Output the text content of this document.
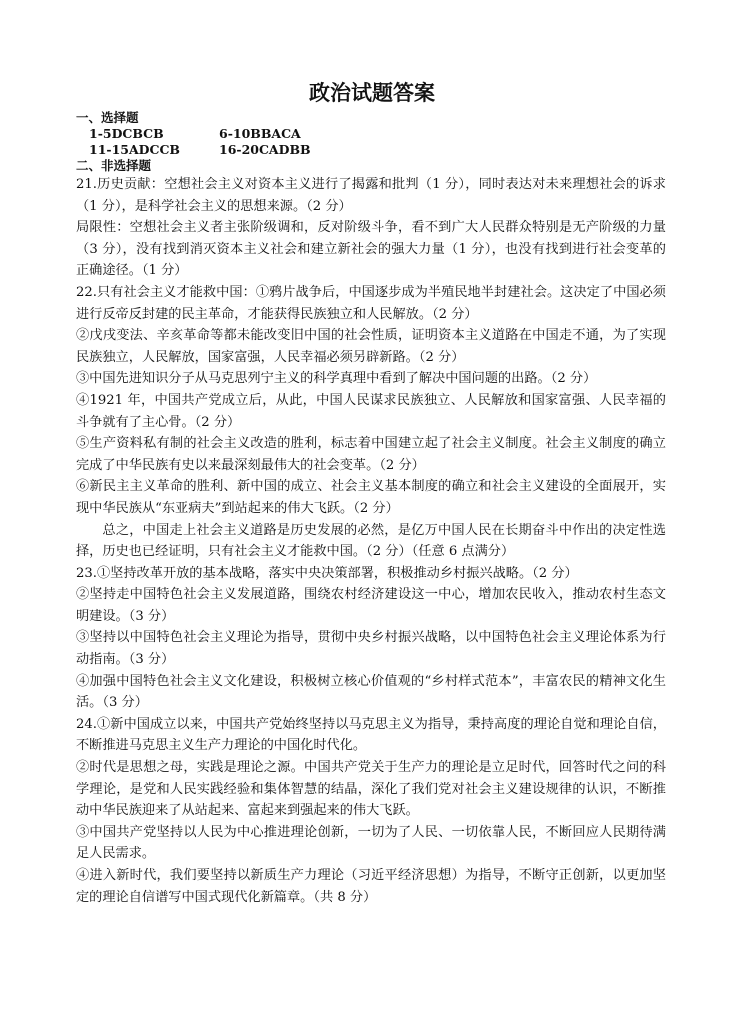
政治试题答案
一、选择题
1-5DCBCB	6-10BBACA
11-15ADCCB	16-20CADBB
二、非选择题

21.历史贡献：空想社会主义对资本主义进行了揭露和批判（1 分），同时表达对未来理想社会的诉求（1 分），是科学社会主义的思想来源。（2 分）

局限性：空想社会主义者主张阶级调和，反对阶级斗争，看不到广大人民群众特别是无产阶级的力量（3 分），没有找到消灭资本主义社会和建立新社会的强大力量（1 分），也没有找到进行社会变革的正确途径。（1 分）

22.只有社会主义才能救中国：①鸦片战争后，中国逐步成为半殖民地半封建社会。这决定了中国必须进行反帝反封建的民主革命，才能获得民族独立和人民解放。（2 分）

②戊戌变法、辛亥革命等都未能改变旧中国的社会性质，证明资本主义道路在中国走不通，为了实现民族独立，人民解放，国家富强，人民幸福必须另辟新路。（2 分）

③中国先进知识分子从马克思列宁主义的科学真理中看到了解决中国问题的出路。（2 分）

④1921 年，中国共产党成立后，从此，中国人民谋求民族独立、人民解放和国家富强、人民幸福的斗争就有了主心骨。（2 分）

⑤生产资料私有制的社会主义改造的胜利，标志着中国建立起了社会主义制度。社会主义制度的确立完成了中华民族有史以来最深刻最伟大的社会变革。（2 分）

⑥新民主主义革命的胜利、新中国的成立、社会主义基本制度的确立和社会主义建设的全面展开，实现中华民族从“东亚病夫”到站起来的伟大飞跃。（2 分）

总之，中国走上社会主义道路是历史发展的必然，是亿万中国人民在长期奋斗中作出的决定性选择，历史也已经证明，只有社会主义才能救中国。（2 分）（任意 6 点满分）

23.①坚持改革开放的基本战略，落实中央决策部署，积极推动乡村振兴战略。（2 分）

②坚持走中国特色社会主义发展道路，围绕农村经济建设这一中心，增加农民收入，推动农村生态文明建设。（3 分）

③坚持以中国特色社会主义理论为指导，贯彻中央乡村振兴战略，以中国特色社会主义理论体系为行动指南。（3 分）

④加强中国特色社会主义文化建设，积极树立核心价值观的“乡村样式范本”，丰富农民的精神文化生活。（3 分）

24.①新中国成立以来，中国共产党始终坚持以马克思主义为指导，秉持高度的理论自觉和理论自信，不断推进马克思主义生产力理论的中国化时代化。

②时代是思想之母，实践是理论之源。中国共产党关于生产力的理论是立足时代，回答时代之问的科学理论，是党和人民实践经验和集体智慧的结晶，深化了我们党对社会主义建设规律的认识，不断推动中华民族迎来了从站起来、富起来到强起来的伟大飞跃。

③中国共产党坚持以人民为中心推进理论创新，一切为了人民、一切依靠人民，不断回应人民期待满足人民需求。

④进入新时代，我们要坚持以新质生产力理论（习近平经济思想）为指导，不断守正创新，以更加坚定的理论自信谱写中国式现代化新篇章。（共 8 分）
